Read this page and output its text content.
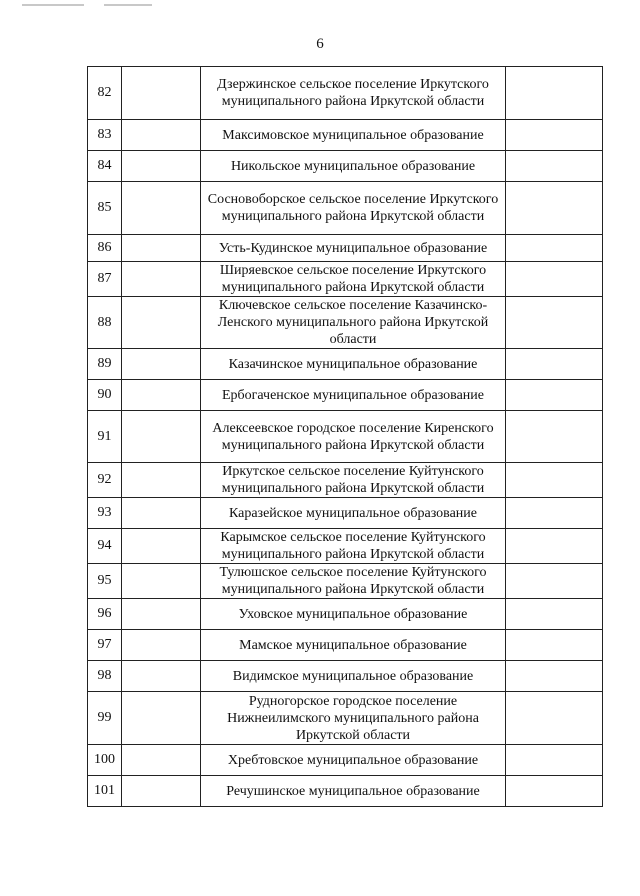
6
82		Дзержинское сельское поселение Иркутского муниципального района Иркутской области	
83		Максимовское муниципальное образование	
84		Никольское муниципальное образование	
85		Сосновоборское сельское поселение Иркутского муниципального района Иркутской области	
86		Усть-Кудинское муниципальное образование	
87		Ширяевское сельское поселение Иркутского муниципального района Иркутской области	
88		Ключевское сельское поселение Казачинско-Ленского муниципального района Иркутской области	
89		Казачинское муниципальное образование	
90		Ербогаченское муниципальное образование	
91		Алексеевское городское поселение Киренского муниципального района Иркутской области	
92		Иркутское сельское поселение Куйтунского муниципального района Иркутской области	
93		Каразейское муниципальное образование	
94		Карымское сельское поселение Куйтунского муниципального района Иркутской области	
95		Тулюшское сельское поселение Куйтунского муниципального района Иркутской области	
96		Уховское муниципальное образование	
97		Мамское муниципальное образование	
98		Видимское муниципальное образование	
99		Рудногорское городское поселение Нижнеилимского муниципального района Иркутской области	
100		Хребтовское муниципальное образование	
101		Речушинское муниципальное образование	
